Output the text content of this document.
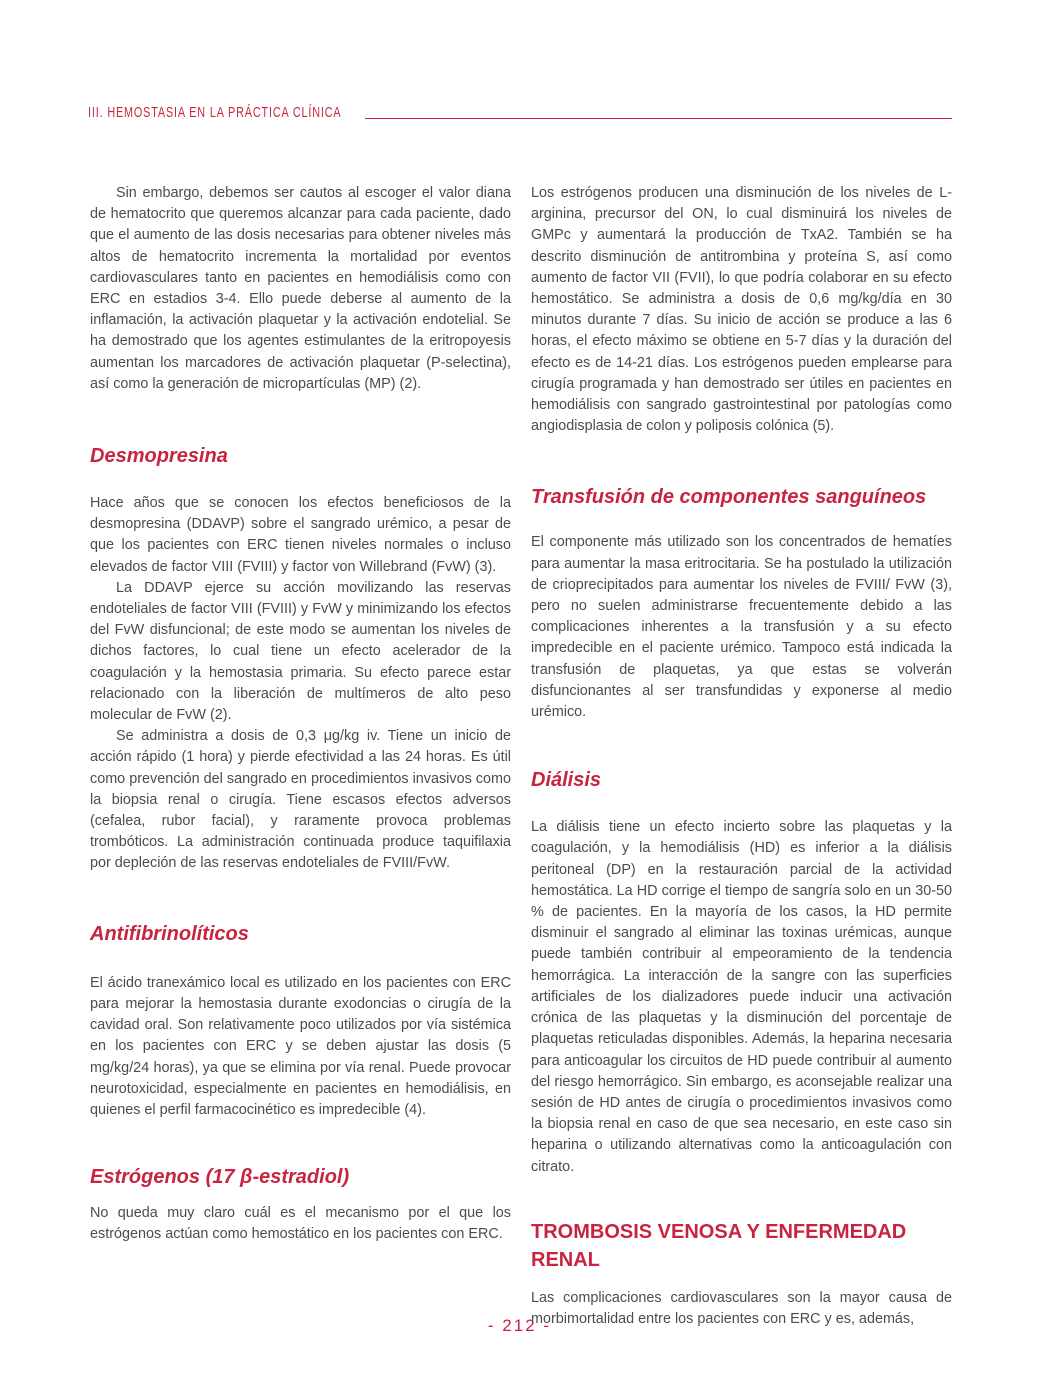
III. HEMOSTASIA EN LA PRÁCTICA CLÍNICA

Sin embargo, debemos ser cautos al escoger el valor diana de hematocrito que queremos alcanzar para cada paciente, dado que el aumento de las dosis necesarias para obtener niveles más altos de hematocrito incrementa la mortalidad por eventos cardiovasculares tanto en pacientes en hemodiálisis como con ERC en estadios 3-4. Ello puede deberse al aumento de la inflamación, la activación plaquetar y la activación endotelial. Se ha demostrado que los agentes estimulantes de la eritropoyesis aumentan los marcadores de activación plaquetar (P-selectina), así como la generación de micropartículas (MP) (2).

Desmopresina

Hace años que se conocen los efectos beneficiosos de la desmopresina (DDAVP) sobre el sangrado urémico, a pesar de que los pacientes con ERC tienen niveles normales o incluso elevados de factor VIII (FVIII) y factor von Willebrand (FvW) (3).

La DDAVP ejerce su acción movilizando las reservas endoteliales de factor VIII (FVIII) y FvW y minimizando los efectos del FvW disfuncional; de este modo se aumentan los niveles de dichos factores, lo cual tiene un efecto acelerador de la coagulación y la hemostasia primaria. Su efecto parece estar relacionado con la liberación de multímeros de alto peso molecular de FvW (2).

Se administra a dosis de 0,3 μg/kg iv. Tiene un inicio de acción rápido (1 hora) y pierde efectividad a las 24 horas. Es útil como prevención del sangrado en procedimientos invasivos como la biopsia renal o cirugía. Tiene escasos efectos adversos (cefalea, rubor facial), y raramente provoca problemas trombóticos. La administración continuada produce taquifilaxia por depleción de las reservas endoteliales de FVIII/FvW.

Antifibrinolíticos

El ácido tranexámico local es utilizado en los pacientes con ERC para mejorar la hemostasia durante exodoncias o cirugía de la cavidad oral. Son relativamente poco utilizados por vía sistémica en los pacientes con ERC y se deben ajustar las dosis (5 mg/kg/24 horas), ya que se elimina por vía renal. Puede provocar neurotoxicidad, especialmente en pacientes en hemodiálisis, en quienes el perfil farmacocinético es impredecible (4).

Estrógenos (17 β-estradiol)

No queda muy claro cuál es el mecanismo por el que los estrógenos actúan como hemostático en los pacientes con ERC.

Los estrógenos producen una disminución de los niveles de L-arginina, precursor del ON, lo cual disminuirá los niveles de GMPc y aumentará la producción de TxA2. También se ha descrito disminución de antitrombina y proteína S, así como aumento de factor VII (FVII), lo que podría colaborar en su efecto hemostático. Se administra a dosis de 0,6 mg/kg/día en 30 minutos durante 7 días. Su inicio de acción se produce a las 6 horas, el efecto máximo se obtiene en 5-7 días y la duración del efecto es de 14-21 días. Los estrógenos pueden emplearse para cirugía programada y han demostrado ser útiles en pacientes en hemodiálisis con sangrado gastrointestinal por patologías como angiodisplasia de colon y poliposis colónica (5).

Transfusión de componentes sanguíneos

El componente más utilizado son los concentrados de hematíes para aumentar la masa eritrocitaria. Se ha postulado la utilización de crioprecipitados para aumentar los niveles de FVIII/ FvW (3), pero no suelen administrarse frecuentemente debido a las complicaciones inherentes a la transfusión y a su efecto impredecible en el paciente urémico. Tampoco está indicada la transfusión de plaquetas, ya que estas se volverán disfuncionantes al ser transfundidas y exponerse al medio urémico.

Diálisis

La diálisis tiene un efecto incierto sobre las plaquetas y la coagulación, y la hemodiálisis (HD) es inferior a la diálisis peritoneal (DP) en la restauración parcial de la actividad hemostática. La HD corrige el tiempo de sangría solo en un 30-50 % de pacientes. En la mayoría de los casos, la HD permite disminuir el sangrado al eliminar las toxinas urémicas, aunque puede también contribuir al empeoramiento de la tendencia hemorrágica. La interacción de la sangre con las superficies artificiales de los dializadores puede inducir una activación crónica de las plaquetas y la disminución del porcentaje de plaquetas reticuladas disponibles. Además, la heparina necesaria para anticoagular los circuitos de HD puede contribuir al aumento del riesgo hemorrágico. Sin embargo, es aconsejable realizar una sesión de HD antes de cirugía o procedimientos invasivos como la biopsia renal en caso de que sea necesario, en este caso sin heparina o utilizando alternativas como la anticoagulación con citrato.

TROMBOSIS VENOSA Y ENFERMEDAD RENAL

Las complicaciones cardiovasculares son la mayor causa de morbimortalidad entre los pacientes con ERC y es, además,

- 212 -
